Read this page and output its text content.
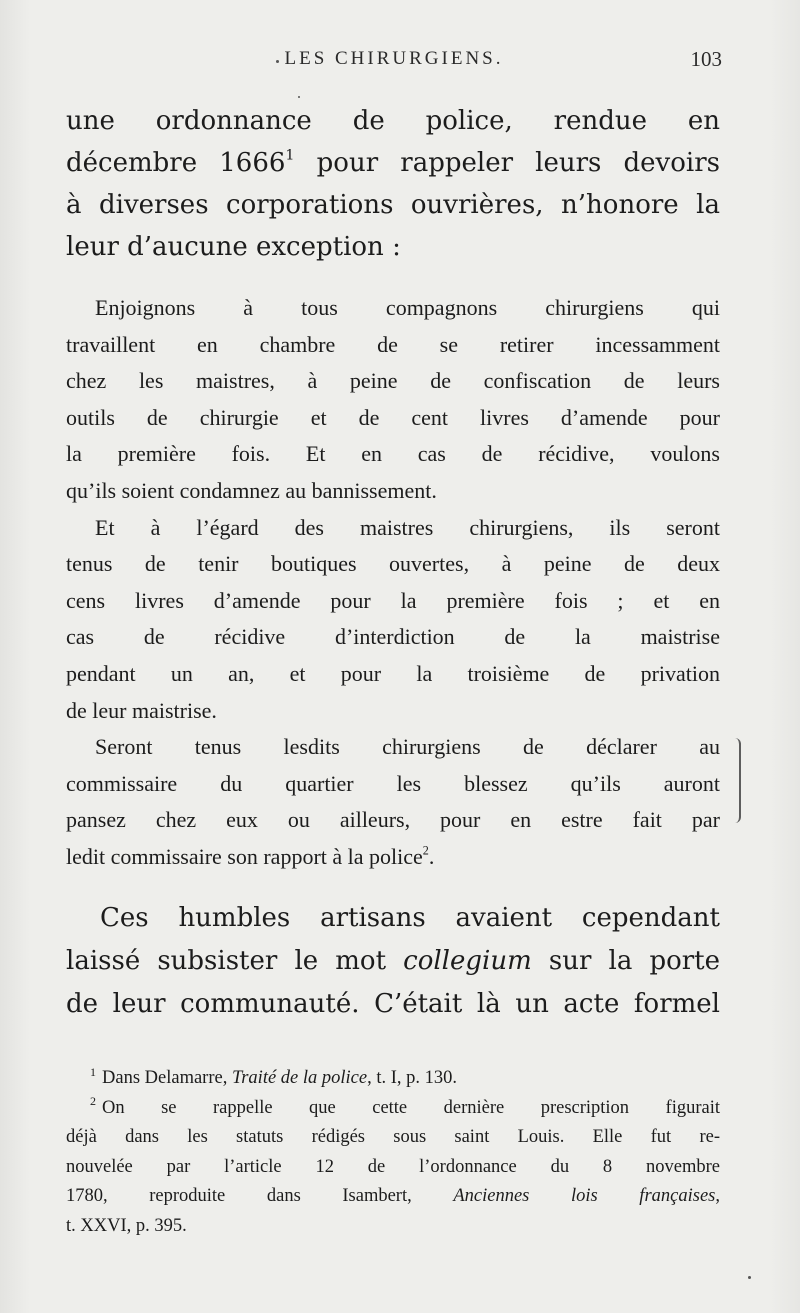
LES CHIRURGIENS.	103
une ordonnance de police, rendue en
décembre 1666$^1$ pour rappeler leurs devoirs
à diverses corporations ouvrières, n’honore la
leur d’aucune exception :
Enjoignons à tous compagnons chirurgiens qui
travaillent en chambre de se retirer incessamment
chez les maistres, à peine de confiscation de leurs
outils de chirurgie et de cent livres d’amende pour
la première fois. Et en cas de récidive, voulons
qu’ils soient condamnez au bannissement.
Et à l’égard des maistres chirurgiens, ils seront
tenus de tenir boutiques ouvertes, à peine de deux
cens livres d’amende pour la première fois ; et en
cas de récidive d’interdiction de la maistrise
pendant un an, et pour la troisième de privation
de leur maistrise.
Seront tenus lesdits chirurgiens de déclarer au
commissaire du quartier les blessez qu’ils auront
pansez chez eux ou ailleurs, pour en estre fait par
ledit commissaire son rapport à la police$^2$.
Ces humbles artisans avaient cependant
laissé subsister le mot collegium sur la porte
de leur communauté. C’était là un acte formel
$^1$ Dans Delamarre, Traité de la police, t. I, p. 130.
$^2$ On se rappelle que cette dernière prescription figurait
déjà dans les statuts rédigés sous saint Louis. Elle fut re-
nouvelée par l’article 12 de l’ordonnance du 8 novembre
1780, reproduite dans Isambert, Anciennes lois françaises,
t. XXVI, p. 395.
